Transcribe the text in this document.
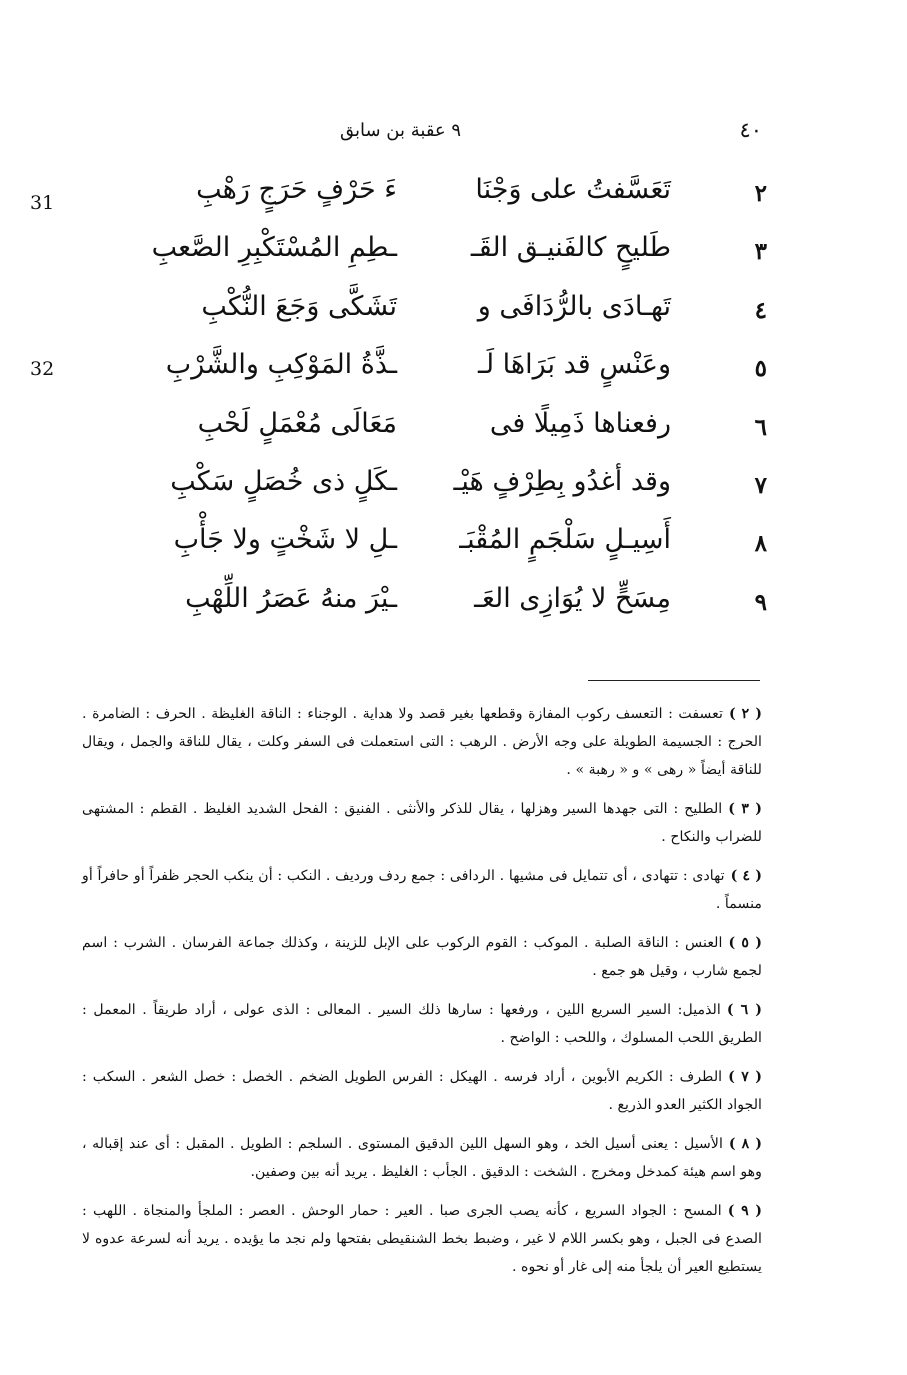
٤٠
٩ عقبة بن سابق
31
32
٢
تَعَسَّفتُ على وَجْنَا
ءَ حَرْفٍ حَرَجٍ رَهْبِ
٣
طَليحٍ كالفَنيـق القَـ
ـطِمِ المُسْتَكْبِرِ الصَّعبِ
٤
تَهـادَى بالرُّدَافَى و
تَشَكَّى وَجَعَ النُّكْبِ
٥
وعَنْسٍ قد بَرَاهَا لَـ
ـذَّةُ المَوْكِبِ والشَّرْبِ
٦
رفعناها ذَمِيلًا فى
مَعَالَى مُعْمَلٍ لَحْبِ
٧
وقد أغدُو بِطِرْفٍ هَيْـ
ـكَلٍ ذى خُصَلٍ سَكْبِ
٨
أَسِيـلٍ سَلْجَمٍ المُقْبَـ
ـلِ لا شَخْتٍ ولا جَأْبِ
٩
مِسَحٍّ لا يُوَازِى العَـ
ـيْرَ منهُ عَصَرُ اللِّهْبِ

( ٢ )تعسفت : التعسف ركوب المفازة وقطعها بغير قصد ولا هداية . الوجناء : الناقة الغليظة . الحرف : الضامرة . الحرج : الجسيمة الطويلة على وجه الأرض . الرهب : التى استعملت فى السفر وكلت ، يقال للناقة والجمل ، ويقال للناقة أيضاً « رهى » و « رهبة » .

( ٣ )الطليح : التى جهدها السير وهزلها ، يقال للذكر والأنثى . الفنيق : الفحل الشديد الغليظ . القطم : المشتهى للضراب والنكاح .

( ٤ )تهادى : تتهادى ، أى تتمايل فى مشيها . الردافى : جمع ردف ورديف . النكب : أن ينكب الحجر ظفراً أو حافراً أو منسماً .

( ٥ )العنس : الناقة الصلبة . الموكب : القوم الركوب على الإبل للزينة ، وكذلك جماعة الفرسان . الشرب : اسم لجمع شارب ، وقيل هو جمع .

( ٦ )الذميل: السير السريع اللين ، ورفعها : سارها ذلك السير . المعالى : الذى عولى ، أراد طريقاً . المعمل : الطريق اللحب المسلوك ، واللحب : الواضح .

( ٧ )الطرف : الكريم الأبوين ، أراد فرسه . الهيكل : الفرس الطويل الضخم . الخصل : خصل الشعر . السكب : الجواد الكثير العدو الذريع .

( ٨ )الأسيل : يعنى أسيل الخد ، وهو السهل اللين الدقيق المستوى . السلجم : الطويل . المقبل : أى عند إقباله ، وهو اسم هيئة كمدخل ومخرج . الشخت : الدقيق . الجأب : الغليظ . يريد أنه بين وصفين.

( ٩ )المسح : الجواد السريع ، كأنه يصب الجرى صبا . العير : حمار الوحش . العصر : الملجأ والمنجاة . اللهب : الصدع فى الجبل ، وهو بكسر اللام لا غير ، وضبط بخط الشنقيطى بفتحها ولم نجد ما يؤيده . يريد أنه لسرعة عدوه لا يستطيع العير أن يلجأ منه إلى غار أو نحوه .
